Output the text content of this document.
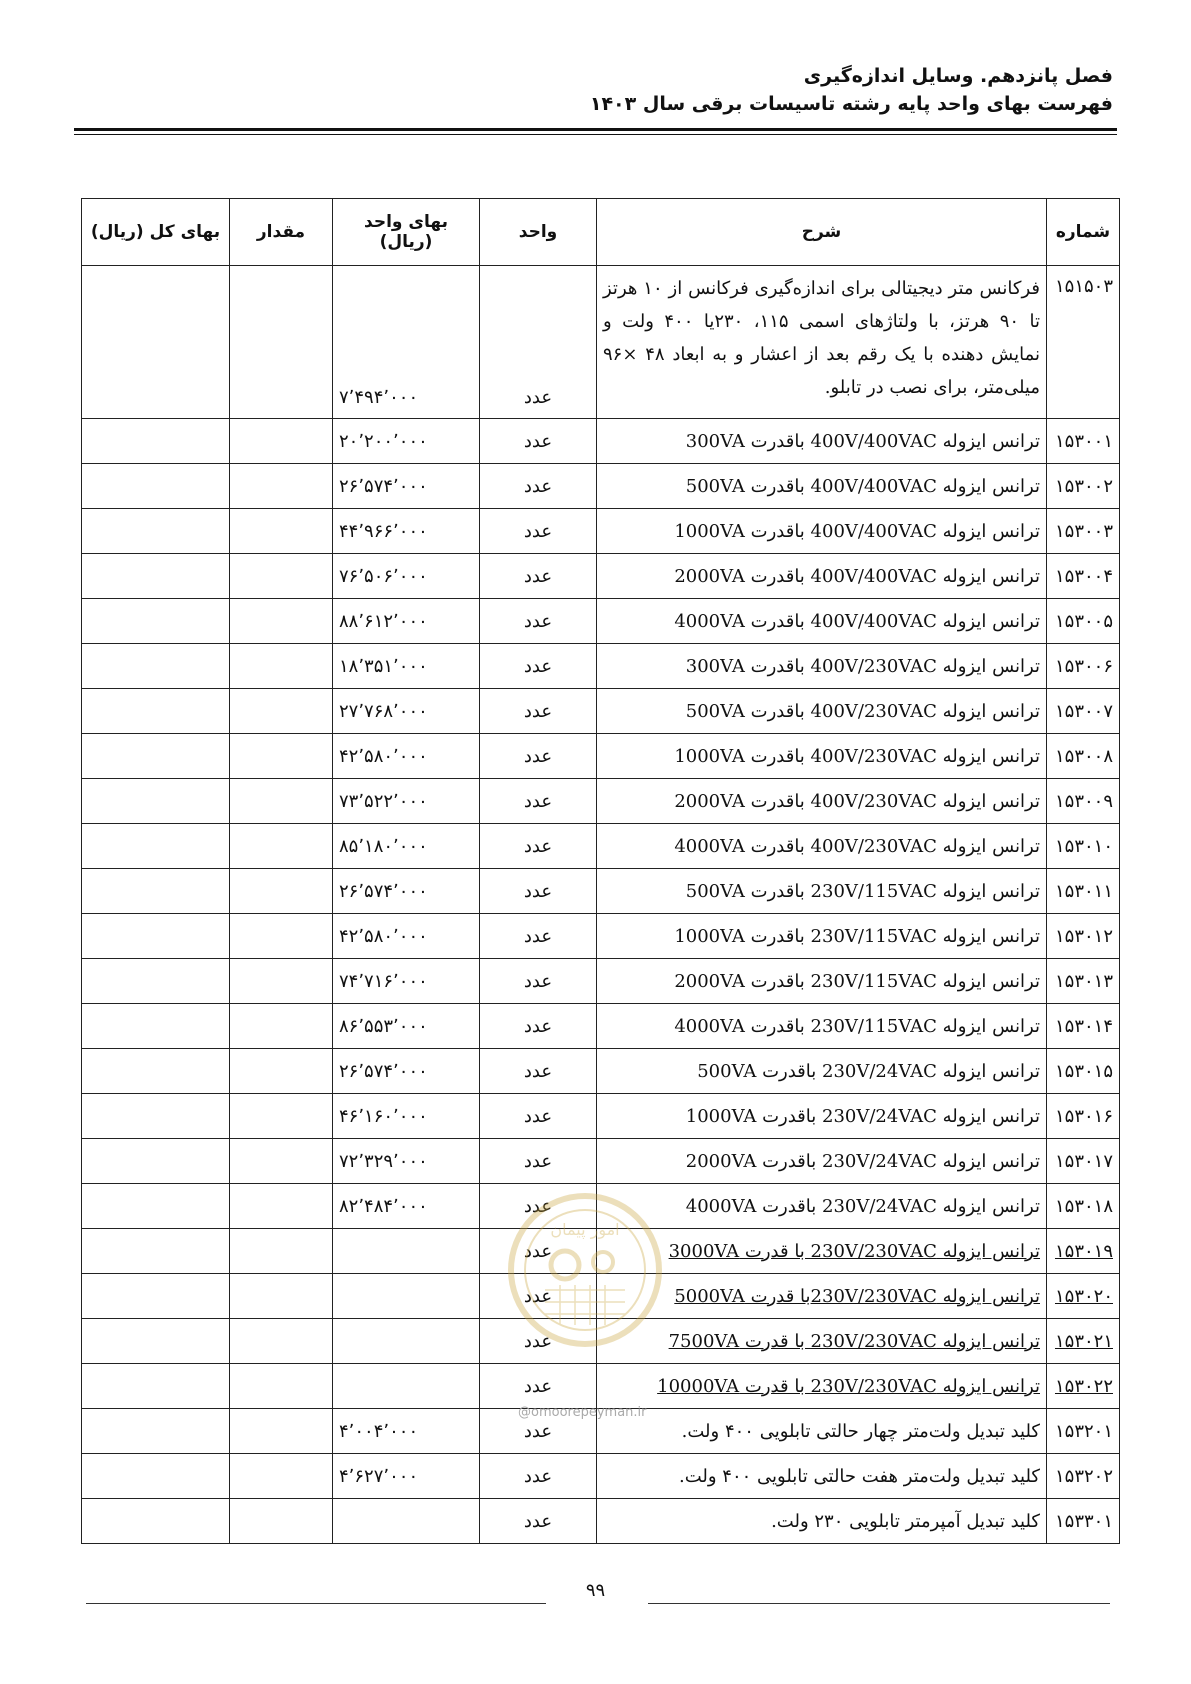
فصل پانزدهم. وسایل اندازه‌گیری
فهرست بهای واحد پایه رشته تاسیسات برقی سال ۱۴۰۳
شماره	شرح	واحد	بهای واحد (ریال)	مقدار	بهای کل (ریال)
۱۵۱۵۰۳	فرکانس متر دیجیتالی برای اندازه‌گیری فرکانس از ۱۰ هرتز تا ۹۰ هرتز، با ولتاژهای اسمی ۱۱۵، ۲۳۰یا ۴۰۰ ولت و نمایش دهنده با یک رقم بعد از اعشار و به ابعاد ۴۸ ×۹۶ میلی‌متر، برای نصب در تابلو.	عدد	۷٬۴۹۴٬۰۰۰		
۱۵۳۰۰۱	ترانس ایزوله 400V/400VAC باقدرت 300VA	عدد	۲۰٬۲۰۰٬۰۰۰		
۱۵۳۰۰۲	ترانس ایزوله 400V/400VAC باقدرت 500VA	عدد	۲۶٬۵۷۴٬۰۰۰		
۱۵۳۰۰۳	ترانس ایزوله 400V/400VAC باقدرت 1000VA	عدد	۴۴٬۹۶۶٬۰۰۰		
۱۵۳۰۰۴	ترانس ایزوله 400V/400VAC باقدرت 2000VA	عدد	۷۶٬۵۰۶٬۰۰۰		
۱۵۳۰۰۵	ترانس ایزوله 400V/400VAC باقدرت 4000VA	عدد	۸۸٬۶۱۲٬۰۰۰		
۱۵۳۰۰۶	ترانس ایزوله 400V/230VAC باقدرت 300VA	عدد	۱۸٬۳۵۱٬۰۰۰		
۱۵۳۰۰۷	ترانس ایزوله 400V/230VAC باقدرت 500VA	عدد	۲۷٬۷۶۸٬۰۰۰		
۱۵۳۰۰۸	ترانس ایزوله 400V/230VAC باقدرت 1000VA	عدد	۴۲٬۵۸۰٬۰۰۰		
۱۵۳۰۰۹	ترانس ایزوله 400V/230VAC باقدرت 2000VA	عدد	۷۳٬۵۲۲٬۰۰۰		
۱۵۳۰۱۰	ترانس ایزوله 400V/230VAC باقدرت 4000VA	عدد	۸۵٬۱۸۰٬۰۰۰		
۱۵۳۰۱۱	ترانس ایزوله 230V/115VAC باقدرت 500VA	عدد	۲۶٬۵۷۴٬۰۰۰		
۱۵۳۰۱۲	ترانس ایزوله 230V/115VAC باقدرت 1000VA	عدد	۴۲٬۵۸۰٬۰۰۰		
۱۵۳۰۱۳	ترانس ایزوله 230V/115VAC باقدرت 2000VA	عدد	۷۴٬۷۱۶٬۰۰۰		
۱۵۳۰۱۴	ترانس ایزوله 230V/115VAC باقدرت 4000VA	عدد	۸۶٬۵۵۳٬۰۰۰		
۱۵۳۰۱۵	ترانس ایزوله 230V/24VAC باقدرت 500VA	عدد	۲۶٬۵۷۴٬۰۰۰		
۱۵۳۰۱۶	ترانس ایزوله 230V/24VAC باقدرت 1000VA	عدد	۴۶٬۱۶۰٬۰۰۰		
۱۵۳۰۱۷	ترانس ایزوله 230V/24VAC باقدرت 2000VA	عدد	۷۲٬۳۲۹٬۰۰۰		
۱۵۳۰۱۸	ترانس ایزوله 230V/24VAC باقدرت 4000VA	عدد	۸۲٬۴۸۴٬۰۰۰		
۱۵۳۰۱۹	ترانس ایزوله 230V/230VAC با قدرت 3000VA	عدد			
۱۵۳۰۲۰	ترانس ایزوله 230V/230VACبا قدرت 5000VA	عدد			
۱۵۳۰۲۱	ترانس ایزوله 230V/230VAC با قدرت 7500VA	عدد			
۱۵۳۰۲۲	ترانس ایزوله 230V/230VAC با قدرت 10000VA	عدد			
۱۵۳۲۰۱	کلید تبدیل ولت‌متر چهار حالتی تابلویی ۴۰۰ ولت.	عدد	۴٬۰۰۴٬۰۰۰		
۱۵۳۲۰۲	کلید تبدیل ولت‌متر هفت حالتی تابلویی ۴۰۰ ولت.	عدد	۴٬۶۲۷٬۰۰۰		
۱۵۳۳۰۱	کلید تبدیل آمپرمتر تابلویی ۲۳۰ ولت.	عدد			
امور پیمان
@omoorepeyman.ir
۹۹
